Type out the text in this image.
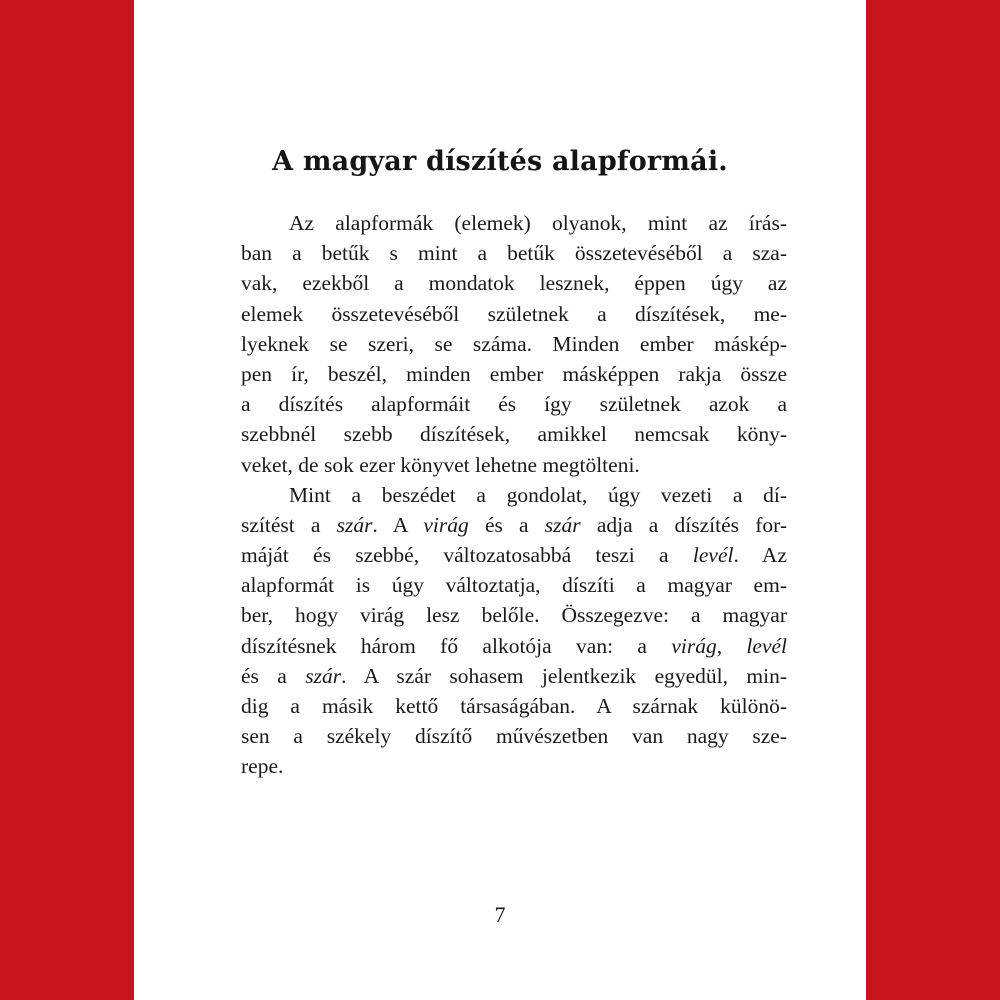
A magyar díszítés alapformái.
Az alapformák (elemek) olyanok, mint az írás-
ban a betűk s mint a betűk összetevéséből a sza-
vak, ezekből a mondatok lesznek, éppen úgy az
elemek összetevéséből születnek a díszítések, me-
lyeknek se szeri, se száma. Minden ember máskép-
pen ír, beszél, minden ember másképpen rakja össze
a díszítés alapformáit és így születnek azok a
szebbnél szebb díszítések, amikkel nemcsak köny-
veket, de sok ezer könyvet lehetne megtölteni.
Mint a beszédet a gondolat, úgy vezeti a dí-
szítést a szár. A virág és a szár adja a díszítés for-
máját és szebbé, változatosabbá teszi a levél. Az
alapformát is úgy változtatja, díszíti a magyar em-
ber, hogy virág lesz belőle. Összegezve: a magyar
díszítésnek három fő alkotója van: a virág, levél
és a szár. A szár sohasem jelentkezik egyedül, min-
dig a másik kettő társaságában. A szárnak különö-
sen a székely díszítő művészetben van nagy sze-
repe.
7
